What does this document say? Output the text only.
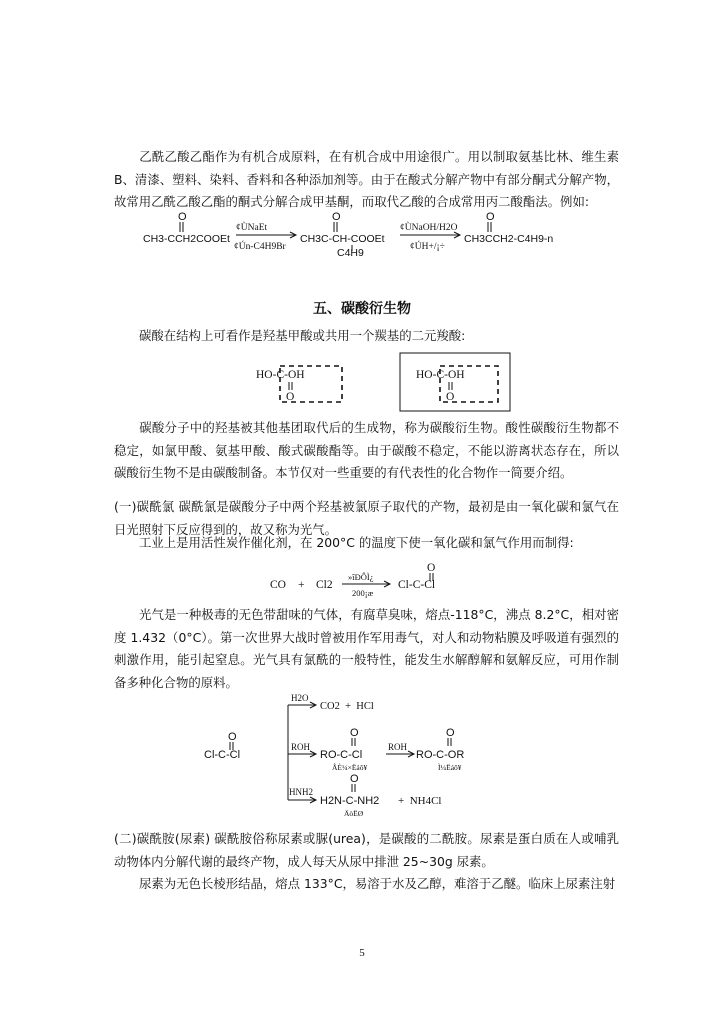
乙酰乙酸乙酯作为有机合成原料，在有机合成中用途很广。用以制取氨基比林、维生素B、清漆、塑料、染料、香料和各种添加剂等。由于在酸式分解产物中有部分酮式分解产物，故常用乙酰乙酸乙酯的酮式分解合成甲基酮，而取代乙酸的合成常用丙二酸酯法。例如:

O
CH3-CCH2COOEt
¢ÙNaEt
¢Ún-C4H9Br
O
CH3C-CH-COOEt
C4H9
¢ÙNaOH/H2O
¢ÚH+/¡÷
O
CH3CCH2-C4H9-n
五、碳酸衍生物

碳酸在结构上可看作是羟基甲酸或共用一个羰基的二元羧酸:

HO-C-OH
O
HO-C-OH
O

碳酸分子中的羟基被其他基团取代后的生成物，称为碳酸衍生物。酸性碳酸衍生物都不稳定，如氯甲酸、氨基甲酸、酸式碳酸酯等。由于碳酸不稳定，不能以游离状态存在，所以碳酸衍生物不是由碳酸制备。本节仅对一些重要的有代表性的化合物作一简要介绍。

(一)碳酰氯 碳酰氯是碳酸分子中两个羟基被氯原子取代的产物，最初是由一氧化碳和氯气在日光照射下反应得到的，故又称为光气。

工业上是用活性炭作催化剂，在 200°C 的温度下使一氧化碳和氯气作用而制得:

CO + Cl2
»îÐÔÌ¿
200¡æ
O
Cl-C-Cl

光气是一种极毒的无色带甜味的气体，有腐草臭味，熔点-118°C，沸点 8.2°C，相对密度 1.432（0°C）。第一次世界大战时曾被用作军用毒气，对人和动物粘膜及呼吸道有强烈的刺激作用，能引起窒息。光气具有氯酰的一般特性，能发生水解醇解和氨解反应，可用作制备多种化合物的原料。

O
Cl-C-Cl
H2O
CO2  +  HCl
ROH
O
RO-C-Cl
ÂÈ¼×Ëáõ¥
ROH
O
RO-C-OR
Ì¼Ëáõ¥
HNH2
O
H2N-C-NH2 +  NH4Cl
ÄòËØ

(二)碳酰胺(尿素) 碳酰胺俗称尿素或脲(urea)，是碳酸的二酰胺。尿素是蛋白质在人或哺乳动物体内分解代谢的最终产物，成人每天从尿中排泄 25~30g 尿素。

尿素为无色长棱形结晶，熔点 133°C，易溶于水及乙醇，难溶于乙醚。临床上尿素注射

5
